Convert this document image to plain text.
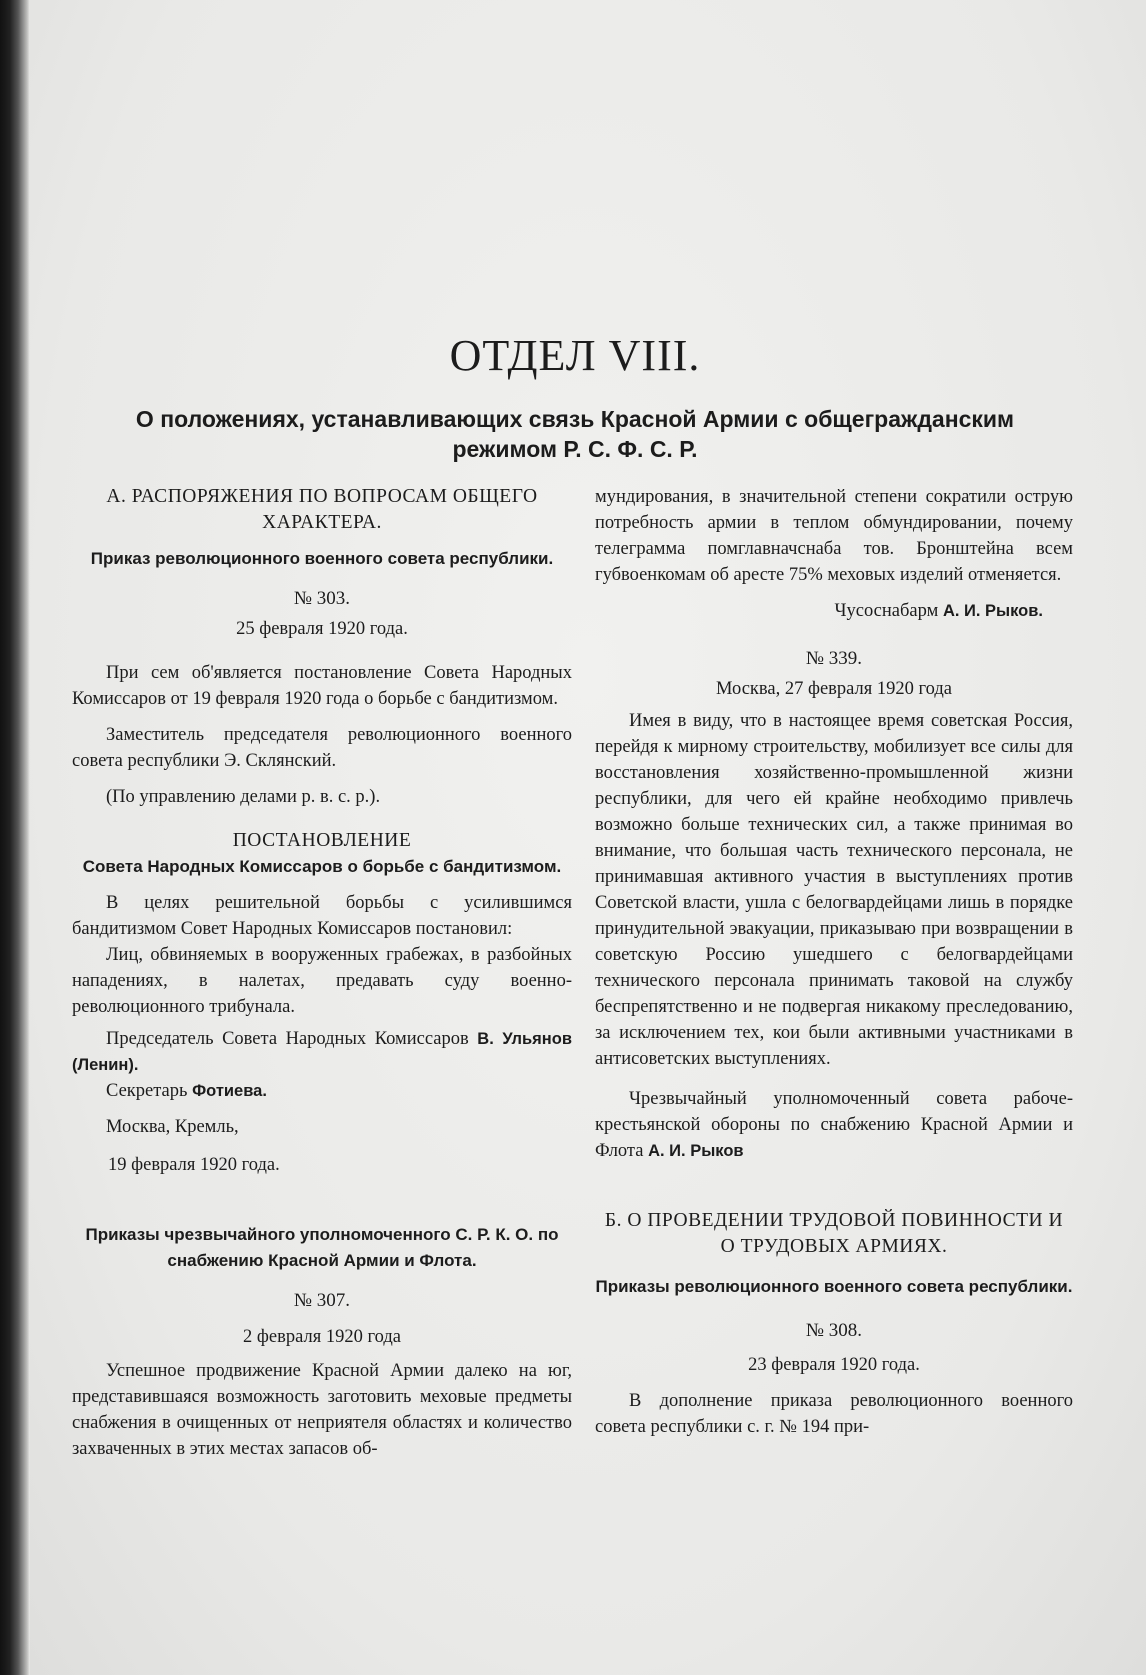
ОТДЕЛ VIII.
О положениях, устанавливающих связь Красной Армии с общегражданским режимом Р. С. Ф. С. Р.

А. РАСПОРЯЖЕНИЯ ПО ВОПРОСАМ ОБЩЕГО ХАРАКТЕРА.

Приказ революционного военного совета республики.

№ 303.

25 февраля 1920 года.

При сем об'является постановление Совета Народных Комиссаров от 19 февраля 1920 года о борьбе с бандитизмом.

Заместитель председателя революционного военного совета республики Э. Склянский.

(По управлению делами р. в. с. р.).

ПОСТАНОВЛЕНИЕ

Совета Народных Комиссаров о борьбе с бандитизмом.

В целях решительной борьбы с усилившимся бандитизмом Совет Народных Комиссаров постановил:

Лиц, обвиняемых в вооруженных грабежах, в разбойных нападениях, в налетах, предавать суду военно-революционного трибунала.

Председатель Совета Народных Комиссаров В. Ульянов (Ленин).

Секретарь Фотиева.

Москва, Кремль,

19 февраля 1920 года.

Приказы чрезвычайного уполномоченного С. Р. К. О. по снабжению Красной Армии и Флота.

№ 307.

2 февраля 1920 года

Успешное продвижение Красной Армии далеко на юг, представившаяся возможность заготовить меховые предметы снабжения в очищенных от неприятеля областях и количество захваченных в этих местах запасов об-

мундирования, в значительной степени сократили острую потребность армии в теплом обмундировании, почему телеграмма помглавначснаба тов. Бронштейна всем губвоенкомам об аресте 75% меховых изделий отменяется.

Чусоснабарм А. И. Рыков.

№ 339.

Москва, 27 февраля 1920 года

Имея в виду, что в настоящее время советская Россия, перейдя к мирному строительству, мобилизует все силы для восстановления хозяйственно-промышленной жизни республики, для чего ей крайне необходимо привлечь возможно больше технических сил, а также принимая во внимание, что большая часть технического персонала, не принимавшая активного участия в выступлениях против Советской власти, ушла с белогвардейцами лишь в порядке принудительной эвакуации, приказываю при возвращении в советскую Россию ушедшего с белогвардейцами технического персонала принимать таковой на службу беспрепятственно и не подвергая никакому преследованию, за исключением тех, кои были активными участниками в антисоветских выступлениях.

Чрезвычайный уполномоченный совета рабоче-крестьянской обороны по снабжению Красной Армии и Флота А. И. Рыков

Б. О ПРОВЕДЕНИИ ТРУДОВОЙ ПОВИННОСТИ И О ТРУДОВЫХ АРМИЯХ.

Приказы революционного военного совета республики.

№ 308.

23 февраля 1920 года.

В дополнение приказа революционного военного совета республики с. г. № 194 при-
